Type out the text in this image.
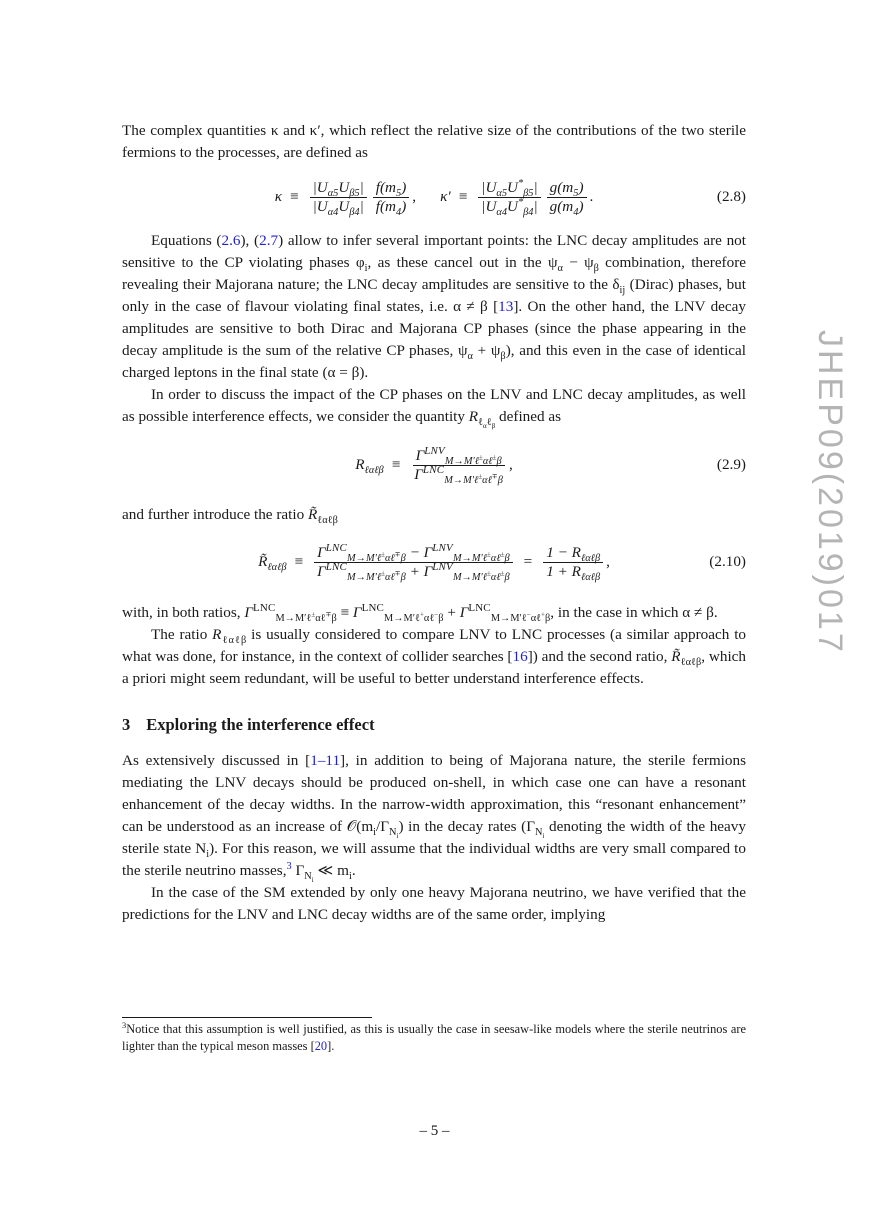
JHEP09(2019)017

The complex quantities κ and κ′, which reflect the relative size of the contributions of the two sterile fermions to the processes, are defined as

$\kappa \equiv \frac{|U_{\alpha 5}U_{\beta 5}|}{|U_{\alpha 4}U_{\beta 4}|} \frac{f(m_5)}{f(m_4)}$ , $\kappa' \equiv \frac{|U_{\alpha 5}U^*_{\beta 5}|}{|U_{\alpha 4}U^*_{\beta 4}|} \frac{g(m_5)}{g(m_4)}$ .	(2.8)

Equations (2.6), (2.7) allow to infer several important points: the LNC decay amplitudes are not sensitive to the CP violating phases $\varphi_i$, as these cancel out in the $\psi_\alpha - \psi_\beta$ combination, therefore revealing their Majorana nature; the LNC decay amplitudes are sensitive to the $\delta_{ij}$ (Dirac) phases, but only in the case of flavour violating final states, i.e. α ≠ β [13]. On the other hand, the LNV decay amplitudes are sensitive to both Dirac and Majorana CP phases (since the phase appearing in the decay amplitude is the sum of the relative CP phases, $\psi_\alpha + \psi_\beta$), and this even in the case of identical charged leptons in the final state (α = β).

In order to discuss the impact of the CP phases on the LNV and LNC decay amplitudes, as well as possible interference effects, we consider the quantity $R_{\ell_\alpha\ell_\beta}$ defined as

$R_{\ell\alpha\ell\beta} \equiv \frac{\Gamma^{LNV}_{M\to M'\ell^\pm\alpha\ell^\pm\beta}}{\Gamma^{LNC}_{M\to M'\ell^\pm\alpha\ell^\mp\beta}}$ ,	(2.9)

and further introduce the ratio $R̃_{\ell\alpha\ell\beta}$

$R̃_{\ell\alpha\ell\beta} \equiv \frac{\Gamma^{LNC}_{M\to M'\ell^\pm\alpha\ell^\mp\beta} - \Gamma^{LNV}_{M\to M'\ell^\pm\alpha\ell^\pm\beta}}{\Gamma^{LNC}_{M\to M'\ell^\pm\alpha\ell^\mp\beta} + \Gamma^{LNV}_{M\to M'\ell^\pm\alpha\ell^\pm\beta}} = \frac{1 - R_{\ell\alpha\ell\beta}}{1 + R_{\ell\alpha\ell\beta}}$ ,	(2.10)

with, in both ratios, $\Gamma^{LNC}_{M\to M'\ell^\pm\alpha\ell^\mp\beta} \equiv \Gamma^{LNC}_{M\to M'\ell^+\alpha\ell^-\beta} + \Gamma^{LNC}_{M\to M'\ell^-\alpha\ell^+\beta}$, in the case in which α ≠ β.

The ratio $R_{\ell\alpha\ell\beta}$ is usually considered to compare LNV to LNC processes (a similar approach to what was done, for instance, in the context of collider searches [16]) and the second ratio, $R̃_{\ell\alpha\ell\beta}$, which a priori might seem redundant, will be useful to better understand interference effects.

3 Exploring the interference effect

As extensively discussed in [1–11], in addition to being of Majorana nature, the sterile fermions mediating the LNV decays should be produced on-shell, in which case one can have a resonant enhancement of the decay widths. In the narrow-width approximation, this “resonant enhancement” can be understood as an increase of $𝒪(m_i/\Gamma_{N_i})$ in the decay rates ($\Gamma_{N_i}$ denoting the width of the heavy sterile state $N_i$). For this reason, we will assume that the individual widths are very small compared to the sterile neutrino masses,$^3$ $\Gamma_{N_i}$ ≪ $m_i$.

In the case of the SM extended by only one heavy Majorana neutrino, we have verified that the predictions for the LNV and LNC decay widths are of the same order, implying

$^3$Notice that this assumption is well justified, as this is usually the case in seesaw-like models where the sterile neutrinos are lighter than the typical meson masses [20].
– 5 –
